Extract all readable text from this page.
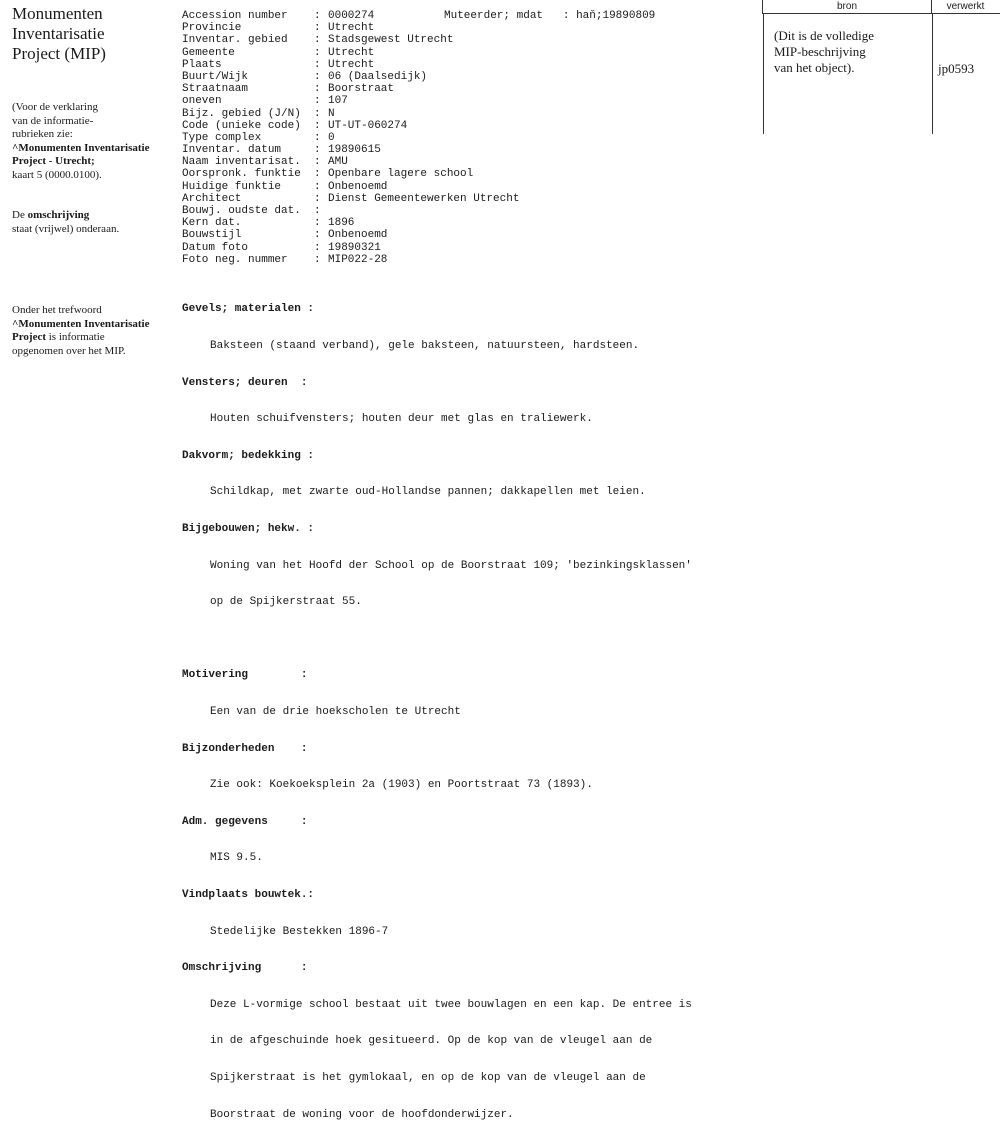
Monumenten
Inventarisatie
Project (MIP)
(Voor de verklaring
van de informatie-
rubrieken zie:
^Monumenten Inventarisatie
Project - Utrecht;
kaart 5 (0000.0100).
De omschrijving
staat (vrijwel) onderaan.
Onder het trefwoord
^Monumenten Inventarisatie
Project is informatie
opgenomen over het MIP.
Accession number : 0000274
Provincie	: Utrecht
Inventar. gebied : Stadsgewest Utrecht
Gemeente	: Utrecht
Plaats	: Utrecht
Buurt/Wijk	: 06 (Daalsedijk)
Straatnaam	: Boorstraat
oneven	: 107
Bijz. gebied (J/N) : N
Code (unieke code) : UT-UT-060274
Type complex	: 0
Inventar. datum	: 19890615
Naam inventarisat. : AMU
Oorspronk. funktie : Openbare lagere school
Huidige funktie	: Onbenoemd
Architect	: Dienst Gemeentewerken Utrecht
Bouwj. oudste dat. :
Kern dat.	: 1896
Bouwstijl	: Onbenoemd
Datum foto	: 19890321
Foto neg. nummer : MIP022-28
Muteerder; mdat : haň;19890809

Gevels; materialen :

Baksteen (staand verband), gele baksteen, natuursteen, hardsteen.

Vensters; deuren  :

Houten schuifvensters; houten deur met glas en traliewerk.

Dakvorm; bedekking :

Schildkap, met zwarte oud-Hollandse pannen; dakkapellen met leien.

Bijgebouwen; hekw. :

Woning van het Hoofd der School op de Boorstraat 109; 'bezinkingsklassen'

op de Spijkerstraat 55.

Motivering        :

Een van de drie hoekscholen te Utrecht

Bijzonderheden    :

Zie ook: Koekoeksplein 2a (1903) en Poortstraat 73 (1893).

Adm. gegevens     :

MIS 9.5.

Vindplaats bouwtek.:

Stedelijke Bestekken 1896-7

Omschrijving      :

Deze L-vormige school bestaat uit twee bouwlagen en een kap. De entree is

in de afgeschuinde hoek gesitueerd. Op de kop van de vleugel aan de

Spijkerstraat is het gymlokaal, en op de kop van de vleugel aan de

Boorstraat de woning voor de hoofdonderwijzer.

bron	verwerkt
(Dit is de volledige
MIP-beschrijving
van het object).	jp0593
